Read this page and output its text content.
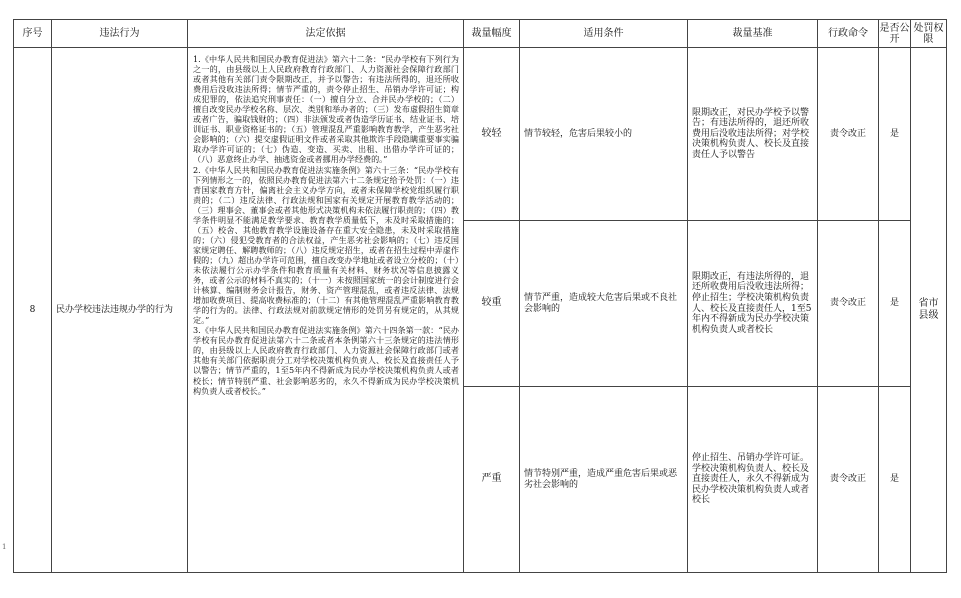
序号	违法行为	法定依据	裁量幅度	适用条件	裁量基准	行政命令	是否公开	处罚权限
8	民办学校违法违规办学的行为	1.《中华人民共和国民办教育促进法》第六十二条：“民办学校有下列行为之一的，由县级以上人民政府教育行政部门、人力资源社会保障行政部门或者其他有关部门责令限期改正，并予以警告；有违法所得的，退还所收费用后没收违法所得；情节严重的，责令停止招生、吊销办学许可证；构成犯罪的，依法追究刑事责任：（一）擅自分立、合并民办学校的；（二）擅自改变民办学校名称、层次、类别和举办者的；（三）发布虚假招生简章或者广告，骗取钱财的；（四）非法颁发或者伪造学历证书、结业证书、培训证书、职业资格证书的；（五）管理混乱严重影响教育教学，产生恶劣社会影响的；（六）提交虚假证明文件或者采取其他欺诈手段隐瞒重要事实骗取办学许可证的；（七）伪造、变造、买卖、出租、出借办学许可证的；（八）恶意终止办学、抽逃资金或者挪用办学经费的。”

2.《中华人民共和国民办教育促进法实施条例》第六十三条：“民办学校有下列情形之一的，依照民办教育促进法第六十二条规定给予处罚：（一）违背国家教育方针，偏离社会主义办学方向，或者未保障学校党组织履行职责的；（二）违反法律、行政法规和国家有关规定开展教育教学活动的；（三）理事会、董事会或者其他形式决策机构未依法履行职责的；（四）教学条件明显不能满足教学要求、教育教学质量低下，未及时采取措施的；（五）校舍、其他教育教学设施设备存在重大安全隐患，未及时采取措施的；（六）侵犯受教育者的合法权益，产生恶劣社会影响的；（七）违反国家规定聘任、解聘教师的；（八）违反规定招生，或者在招生过程中弄虚作假的；（九）超出办学许可范围，擅自改变办学地址或者设立分校的；（十）未依法履行公示办学条件和教育质量有关材料、财务状况等信息披露义务，或者公示的材料不真实的；（十一）未按照国家统一的会计制度进行会计核算、编制财务会计报告，财务、资产管理混乱，或者违反法律、法规增加收费项目、提高收费标准的；（十二）有其他管理混乱严重影响教育教学的行为的。法律、行政法规对前款规定情形的处罚另有规定的，从其规定。”

3.《中华人民共和国民办教育促进法实施条例》第六十四条第一款：“民办学校有民办教育促进法第六十二条或者本条例第六十三条规定的违法情形的，由县级以上人民政府教育行政部门、人力资源社会保障行政部门或者其他有关部门依据职责分工对学校决策机构负责人、校长及直接责任人予以警告；情节严重的，1至5年内不得新成为民办学校决策机构负责人或者校长；情节特别严重、社会影响恶劣的，永久不得新成为民办学校决策机构负责人或者校长。”	较轻	情节较轻，危害后果较小的	限期改正，对民办学校予以警告；有违法所得的，退还所收费用后没收违法所得；对学校决策机构负责人、校长及直接责任人予以警告	责令改正	是	省市县级
			较重	情节严重，造成较大危害后果或不良社会影响的	限期改正，有违法所得的，退还所收费用后没收违法所得；停止招生；学校决策机构负责人、校长及直接责任人，1至5年内不得新成为民办学校决策机构负责人或者校长	责令改正	是	
			严重	情节特别严重，造成严重危害后果或恶劣社会影响的	停止招生、吊销办学许可证。学校决策机构负责人、校长及直接责任人，永久不得新成为民办学校决策机构负责人或者校长	责令改正	是	
1
